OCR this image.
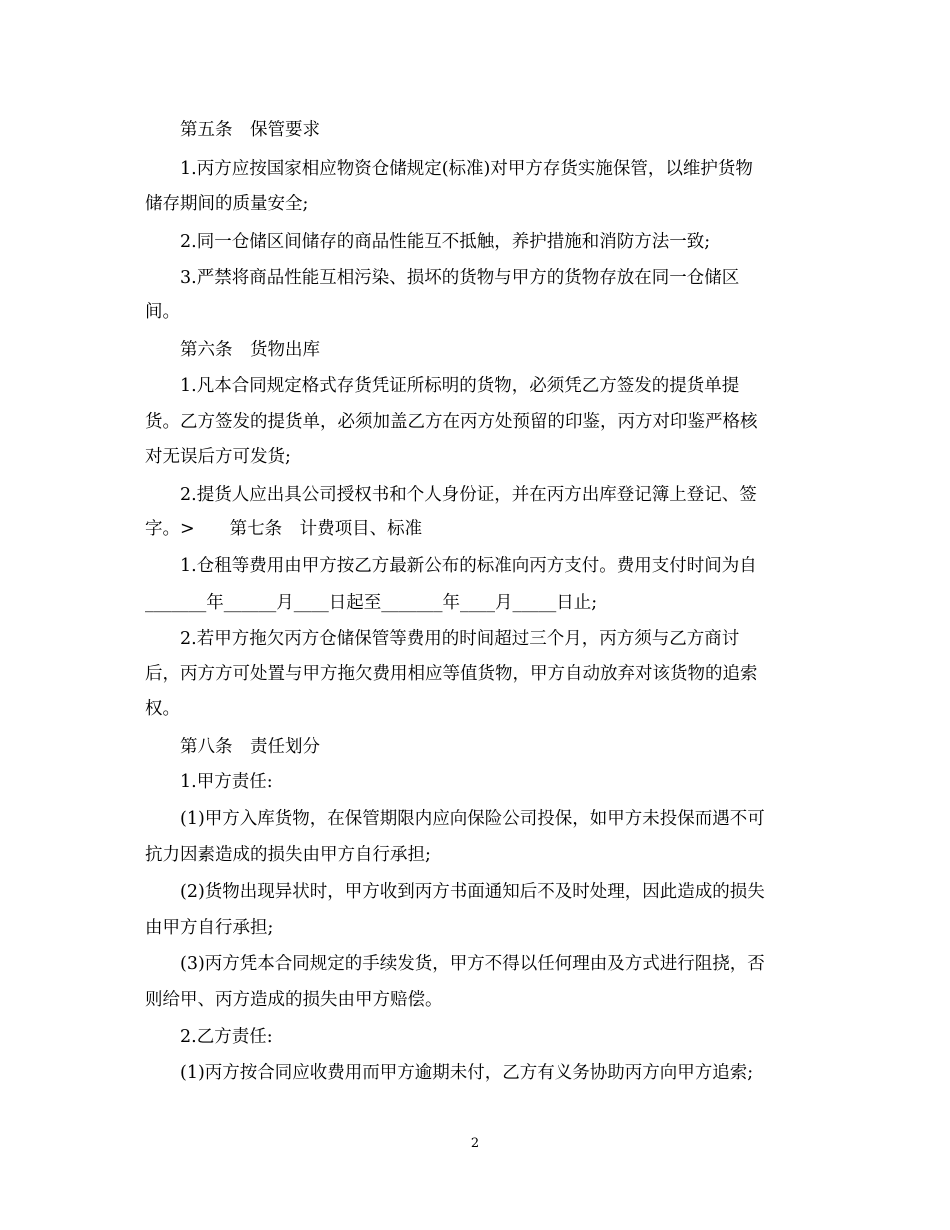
第五条　保管要求
1.丙方应按国家相应物资仓储规定(标准)对甲方存货实施保管，以维护货物
储存期间的质量安全;
2.同一仓储区间储存的商品性能互不抵触，养护措施和消防方法一致;
3.严禁将商品性能互相污染、损坏的货物与甲方的货物存放在同一仓储区
间。
第六条　货物出库
1.凡本合同规定格式存货凭证所标明的货物，必须凭乙方签发的提货单提
货。乙方签发的提货单，必须加盖乙方在丙方处预留的印鉴，丙方对印鉴严格核
对无误后方可发货;
2.提货人应出具公司授权书和个人身份证，并在丙方出库登记簿上登记、签
字。>　　第七条　计费项目、标准
1.仓租等费用由甲方按乙方最新公布的标准向丙方支付。费用支付时间为自
_______年______月____日起至_______年____月_____日止;
2.若甲方拖欠丙方仓储保管等费用的时间超过三个月，丙方须与乙方商讨
后，丙方方可处置与甲方拖欠费用相应等值货物，甲方自动放弃对该货物的追索
权。
第八条　责任划分
1.甲方责任:
(1)甲方入库货物，在保管期限内应向保险公司投保，如甲方未投保而遇不可
抗力因素造成的损失由甲方自行承担;
(2)货物出现异状时，甲方收到丙方书面通知后不及时处理，因此造成的损失
由甲方自行承担;
(3)丙方凭本合同规定的手续发货，甲方不得以任何理由及方式进行阻挠，否
则给甲、丙方造成的损失由甲方赔偿。
2.乙方责任:
(1)丙方按合同应收费用而甲方逾期未付，乙方有义务协助丙方向甲方追索;
2
